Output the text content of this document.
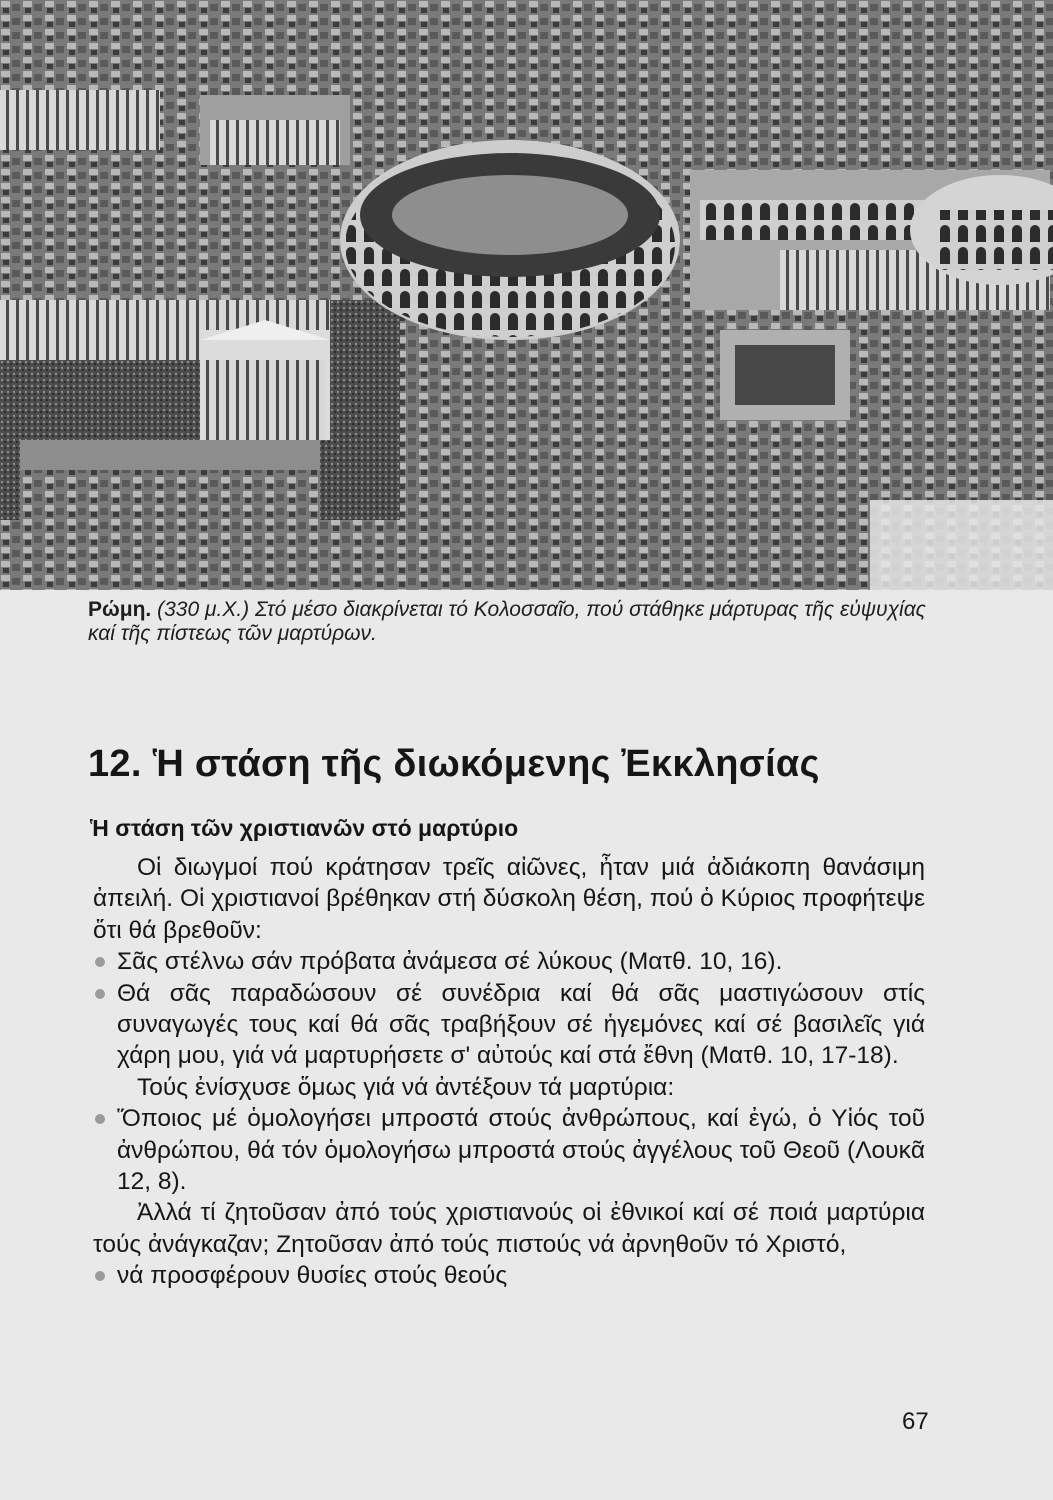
Ρώμη. (330 μ.Χ.) Στό μέσο διακρίνεται τό Κολοσσαῖο, πού στάθηκε μάρτυρας τῆς εὐψυχίας καί τῆς πίστεως τῶν μαρτύρων.
12. Ἡ στάση τῆς διωκόμενης Ἐκκλησίας
Ἡ στάση τῶν χριστιανῶν στό μαρτύριο

Οἱ διωγμοί πού κράτησαν τρεῖς αἰῶνες, ἦταν μιά ἀδιάκοπη θανάσιμη ἀπειλή. Οἱ χριστιανοί βρέθηκαν στή δύσκολη θέση, πού ὁ Κύριος προφήτεψε ὅτι θά βρεθοῦν:

Σᾶς στέλνω σάν πρόβατα ἀνάμεσα σέ λύκους (Ματθ. 10, 16).

Θά σᾶς παραδώσουν σέ συνέδρια καί θά σᾶς μαστιγώσουν στίς συναγωγές τους καί θά σᾶς τραβήξουν σέ ἡγεμόνες καί σέ βασιλεῖς γιά χάρη μου, γιά νά μαρτυρήσετε σ' αὐτούς καί στά ἔθνη (Ματθ. 10, 17-18).

Τούς ἐνίσχυσε ὅμως γιά νά ἀντέξουν τά μαρτύρια:

Ὅποιος μέ ὁμολογήσει μπροστά στούς ἀνθρώπους, καί ἐγώ, ὁ Υἱός τοῦ ἀνθρώπου, θά τόν ὁμολογήσω μπροστά στούς ἀγγέλους τοῦ Θεοῦ (Λουκᾶ 12, 8).

Ἀλλά τί ζητοῦσαν ἀπό τούς χριστιανούς οἱ ἐθνικοί καί σέ ποιά μαρτύρια τούς ἀνάγκαζαν; Ζητοῦσαν ἀπό τούς πιστούς νά ἀρνηθοῦν τό Χριστό,

νά προσφέρουν θυσίες στούς θεούς

67
